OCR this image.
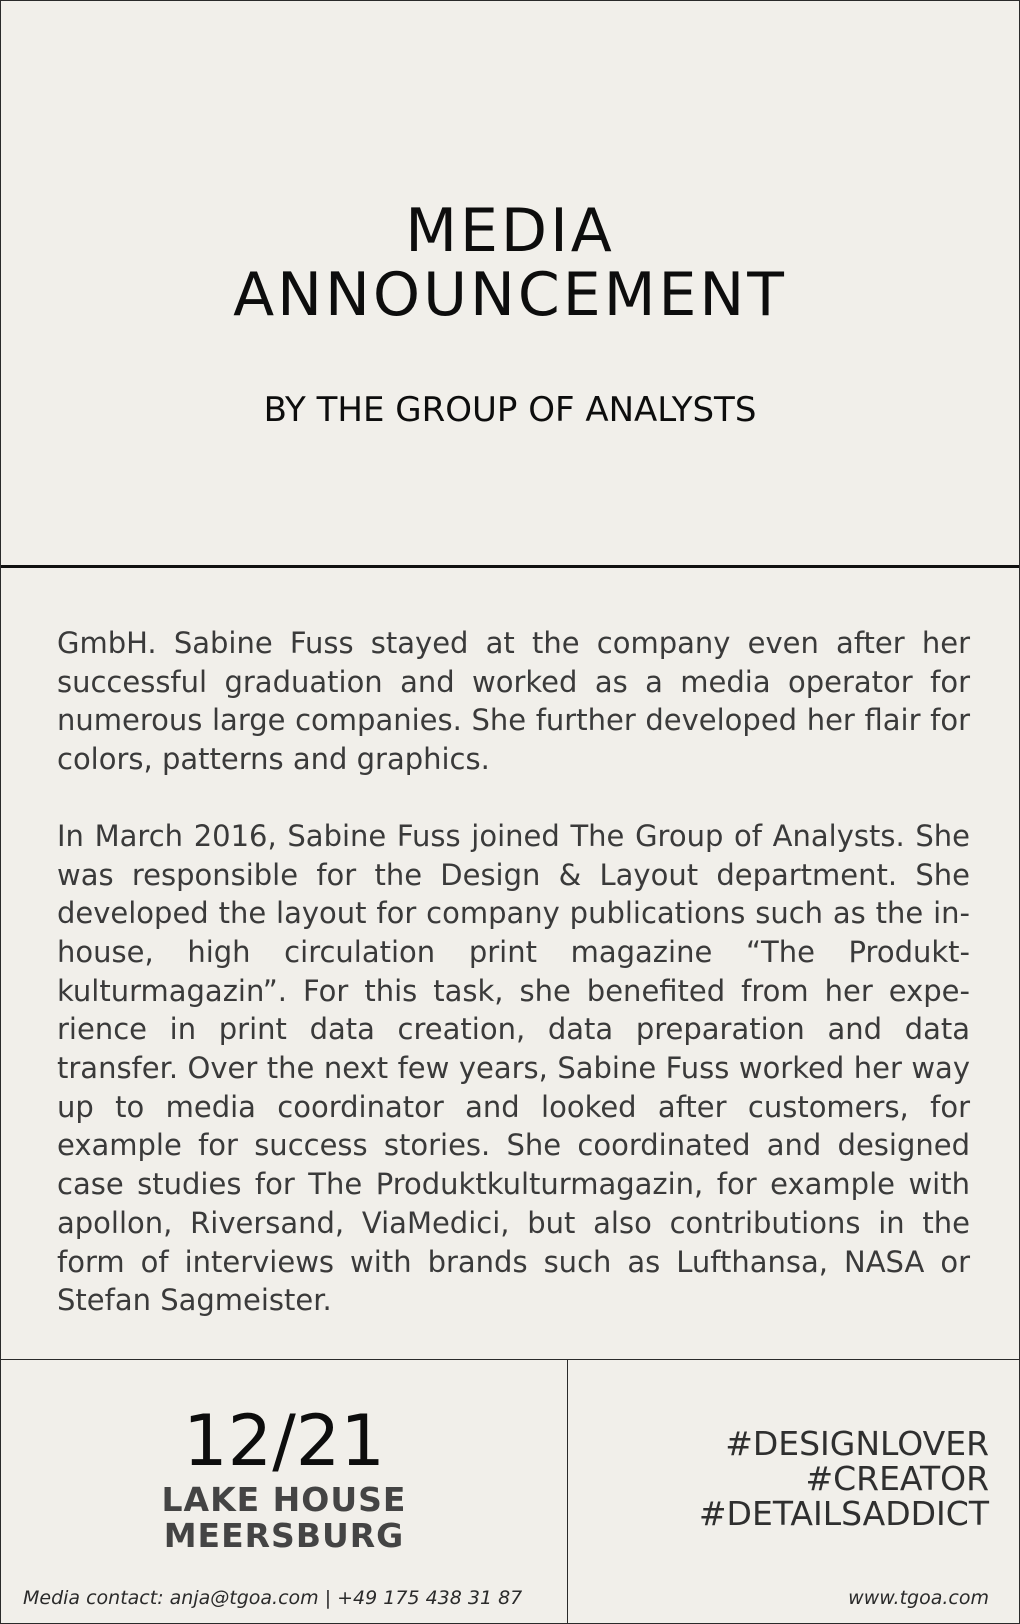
MEDIA
ANNOUNCEMENT
BY THE GROUP OF ANALYSTS

GmbH. Sabine Fuss stayed at the company even after her successful graduation and worked as a media operator for numerous large companies. She further developed her flair for colors, patterns and graphics.

In March 2016, Sabine Fuss joined The Group of Analysts. She was responsible for the Design & Layout department. She developed the layout for company publications such as the in-house, high circulation print magazine “The Produktkulturmagazin”. For this task, she benefited from her experience in print data creation, data preparation and data transfer. Over the next few years, Sabine Fuss worked her way up to media coordinator and looked after customers, for example for success stories. She coordinated and designed case studies for The Produktkulturmagazin, for example with apollon, Riversand, ViaMedici, but also contributions in the form of interviews with brands such as Lufthansa, NASA or Stefan Sagmeister.

12/21
LAKE HOUSE
MEERSBURG
Media contact: anja@tgoa.com | +49 175 438 31 87
#DESIGNLOVER
#CREATOR
#DETAILSADDICT
www.tgoa.com
